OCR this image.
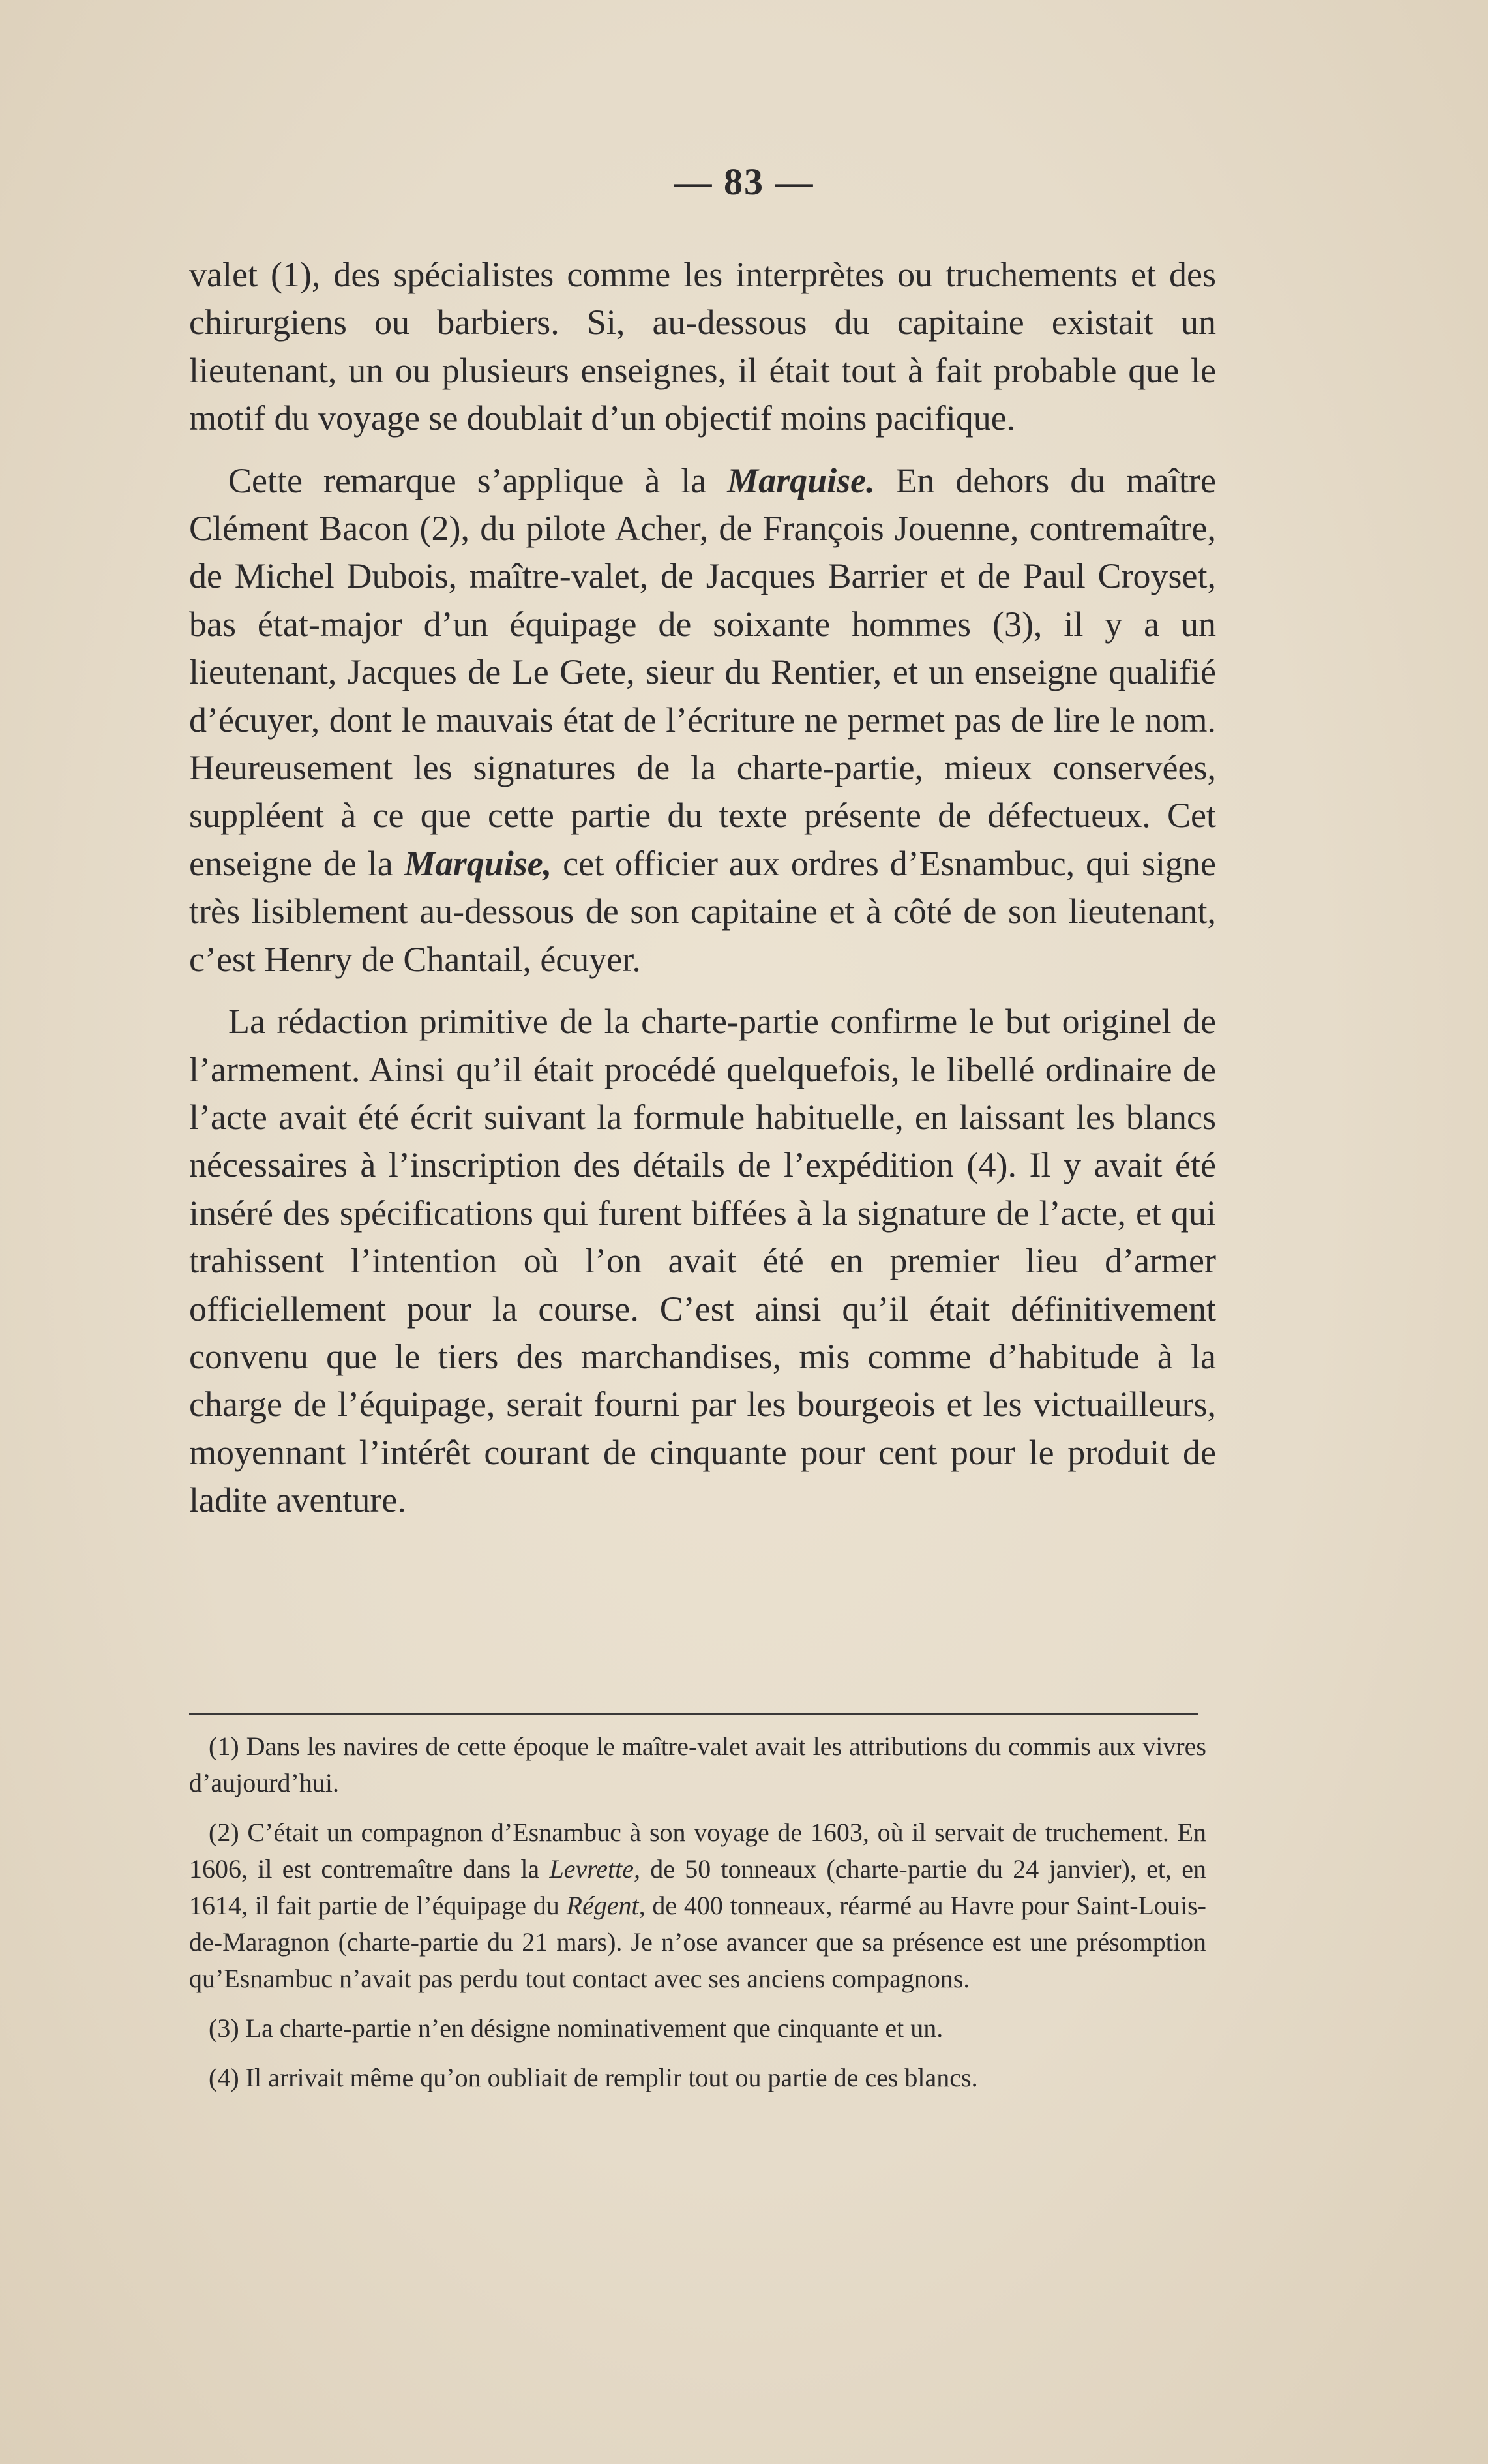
— 83 —

valet (1), des spécialistes comme les interprètes ou truchements et des chirurgiens ou barbiers. Si, au-dessous du capitaine existait un lieutenant, un ou plusieurs enseignes, il était tout à fait probable que le motif du voyage se doublait d’un objectif moins pacifique.

Cette remarque s’applique à la Marquise. En dehors du maître Clément Bacon (2), du pilote Acher, de François Jouenne, contremaître, de Michel Dubois, maître-valet, de Jacques Barrier et de Paul Croyset, bas état-major d’un équipage de soixante hommes (3), il y a un lieutenant, Jacques de Le Gete, sieur du Rentier, et un enseigne qualifié d’écuyer, dont le mauvais état de l’écriture ne permet pas de lire le nom. Heureusement les signatures de la charte-partie, mieux conservées, suppléent à ce que cette partie du texte présente de défectueux. Cet enseigne de la Marquise, cet officier aux ordres d’Esnambuc, qui signe très lisiblement au-dessous de son capitaine et à côté de son lieutenant, c’est Henry de Chantail, écuyer.

La rédaction primitive de la charte-partie confirme le but originel de l’armement. Ainsi qu’il était procédé quelquefois, le libellé ordinaire de l’acte avait été écrit suivant la formule habituelle, en laissant les blancs nécessaires à l’inscription des détails de l’expédition (4). Il y avait été inséré des spécifications qui furent biffées à la signature de l’acte, et qui trahissent l’intention où l’on avait été en premier lieu d’armer officiellement pour la course. C’est ainsi qu’il était définitivement convenu que le tiers des marchandises, mis comme d’habitude à la charge de l’équipage, serait fourni par les bourgeois et les victuailleurs, moyennant l’intérêt courant de cinquante pour cent pour le produit de ladite aventure.

(1) Dans les navires de cette époque le maître-valet avait les attributions du commis aux vivres d’aujourd’hui.

(2) C’était un compagnon d’Esnambuc à son voyage de 1603, où il servait de truchement. En 1606, il est contremaître dans la Levrette, de 50 tonneaux (charte-partie du 24 janvier), et, en 1614, il fait partie de l’équipage du Régent, de 400 tonneaux, réarmé au Havre pour Saint-Louis-de-Maragnon (charte-partie du 21 mars). Je n’ose avancer que sa présence est une présomption qu’Esnambuc n’avait pas perdu tout contact avec ses anciens compagnons.

(3) La charte-partie n’en désigne nominativement que cinquante et un.

(4) Il arrivait même qu’on oubliait de remplir tout ou partie de ces blancs.
